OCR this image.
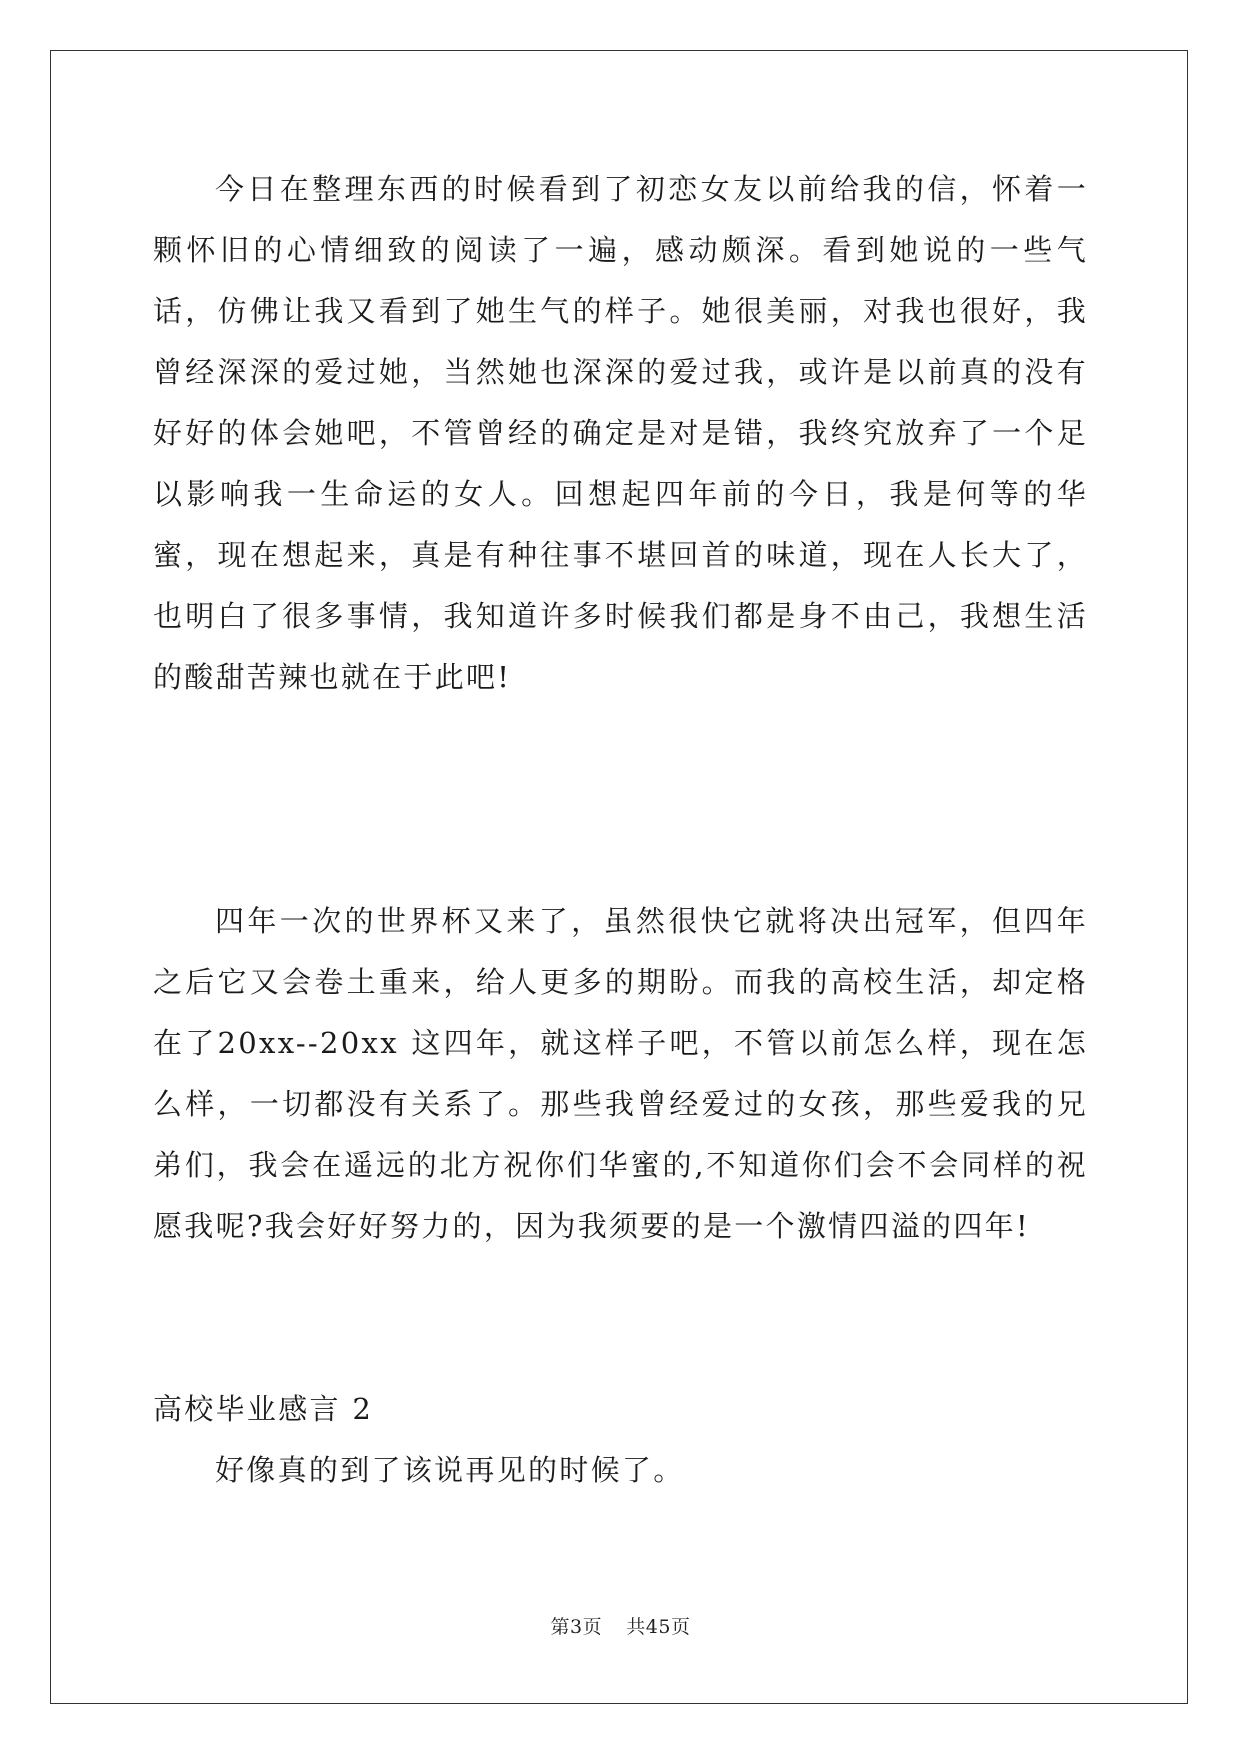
今日在整理东西的时候看到了初恋女友以前给我的信，怀着一颗怀旧的心情细致的阅读了一遍，感动颇深。看到她说的一些气话，仿佛让我又看到了她生气的样子。她很美丽，对我也很好，我曾经深深的爱过她，当然她也深深的爱过我，或许是以前真的没有好好的体会她吧，不管曾经的确定是对是错，我终究放弃了一个足以影响我一生命运的女人。回想起四年前的今日，我是何等的华蜜，现在想起来，真是有种往事不堪回首的味道，现在人长大了，也明白了很多事情，我知道许多时候我们都是身不由己，我想生活的酸甜苦辣也就在于此吧!

四年一次的世界杯又来了，虽然很快它就将决出冠军，但四年之后它又会卷土重来，给人更多的期盼。而我的高校生活，却定格在了20xx--20xx 这四年，就这样子吧，不管以前怎么样，现在怎么样，一切都没有关系了。那些我曾经爱过的女孩，那些爱我的兄弟们，我会在遥远的北方祝你们华蜜的,不知道你们会不会同样的祝愿我呢?我会好好努力的，因为我须要的是一个激情四溢的四年!

高校毕业感言 2

好像真的到了该说再见的时候了。

第3页 共45页
